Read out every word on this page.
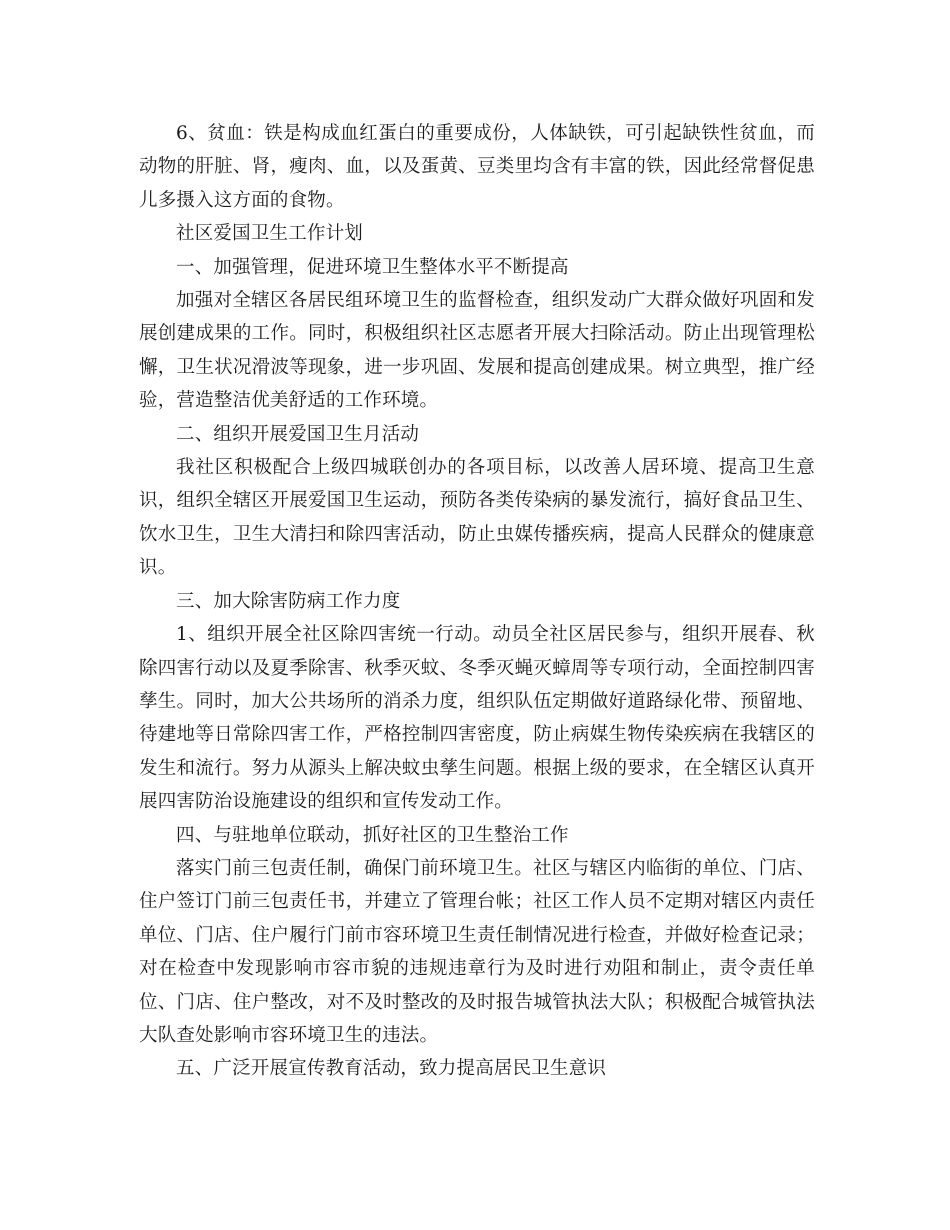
6、贫血：铁是构成血红蛋白的重要成份，人体缺铁，可引起缺铁性贫血，而动物的肝脏、肾，瘦肉、血，以及蛋黄、豆类里均含有丰富的铁，因此经常督促患儿多摄入这方面的食物。

社区爱国卫生工作计划

一、加强管理，促进环境卫生整体水平不断提高

加强对全辖区各居民组环境卫生的监督检查，组织发动广大群众做好巩固和发展创建成果的工作。同时，积极组织社区志愿者开展大扫除活动。防止出现管理松懈，卫生状况滑波等现象，进一步巩固、发展和提高创建成果。树立典型，推广经验，营造整洁优美舒适的工作环境。

二、组织开展爱国卫生月活动

我社区积极配合上级四城联创办的各项目标，以改善人居环境、提高卫生意识，组织全辖区开展爱国卫生运动，预防各类传染病的暴发流行，搞好食品卫生、饮水卫生，卫生大清扫和除四害活动，防止虫媒传播疾病，提高人民群众的健康意识。

三、加大除害防病工作力度

1、组织开展全社区除四害统一行动。动员全社区居民参与，组织开展春、秋除四害行动以及夏季除害、秋季灭蚊、冬季灭蝇灭蟑周等专项行动，全面控制四害孳生。同时，加大公共场所的消杀力度，组织队伍定期做好道路绿化带、预留地、待建地等日常除四害工作，严格控制四害密度，防止病媒生物传染疾病在我辖区的发生和流行。努力从源头上解决蚊虫孳生问题。根据上级的要求，在全辖区认真开展四害防治设施建设的组织和宣传发动工作。

四、与驻地单位联动，抓好社区的卫生整治工作

落实门前三包责任制，确保门前环境卫生。社区与辖区内临街的单位、门店、住户签订门前三包责任书，并建立了管理台帐；社区工作人员不定期对辖区内责任单位、门店、住户履行门前市容环境卫生责任制情况进行检查，并做好检查记录；对在检查中发现影响市容市貌的违规违章行为及时进行劝阻和制止，责令责任单位、门店、住户整改，对不及时整改的及时报告城管执法大队；积极配合城管执法大队查处影响市容环境卫生的违法。

五、广泛开展宣传教育活动，致力提高居民卫生意识
